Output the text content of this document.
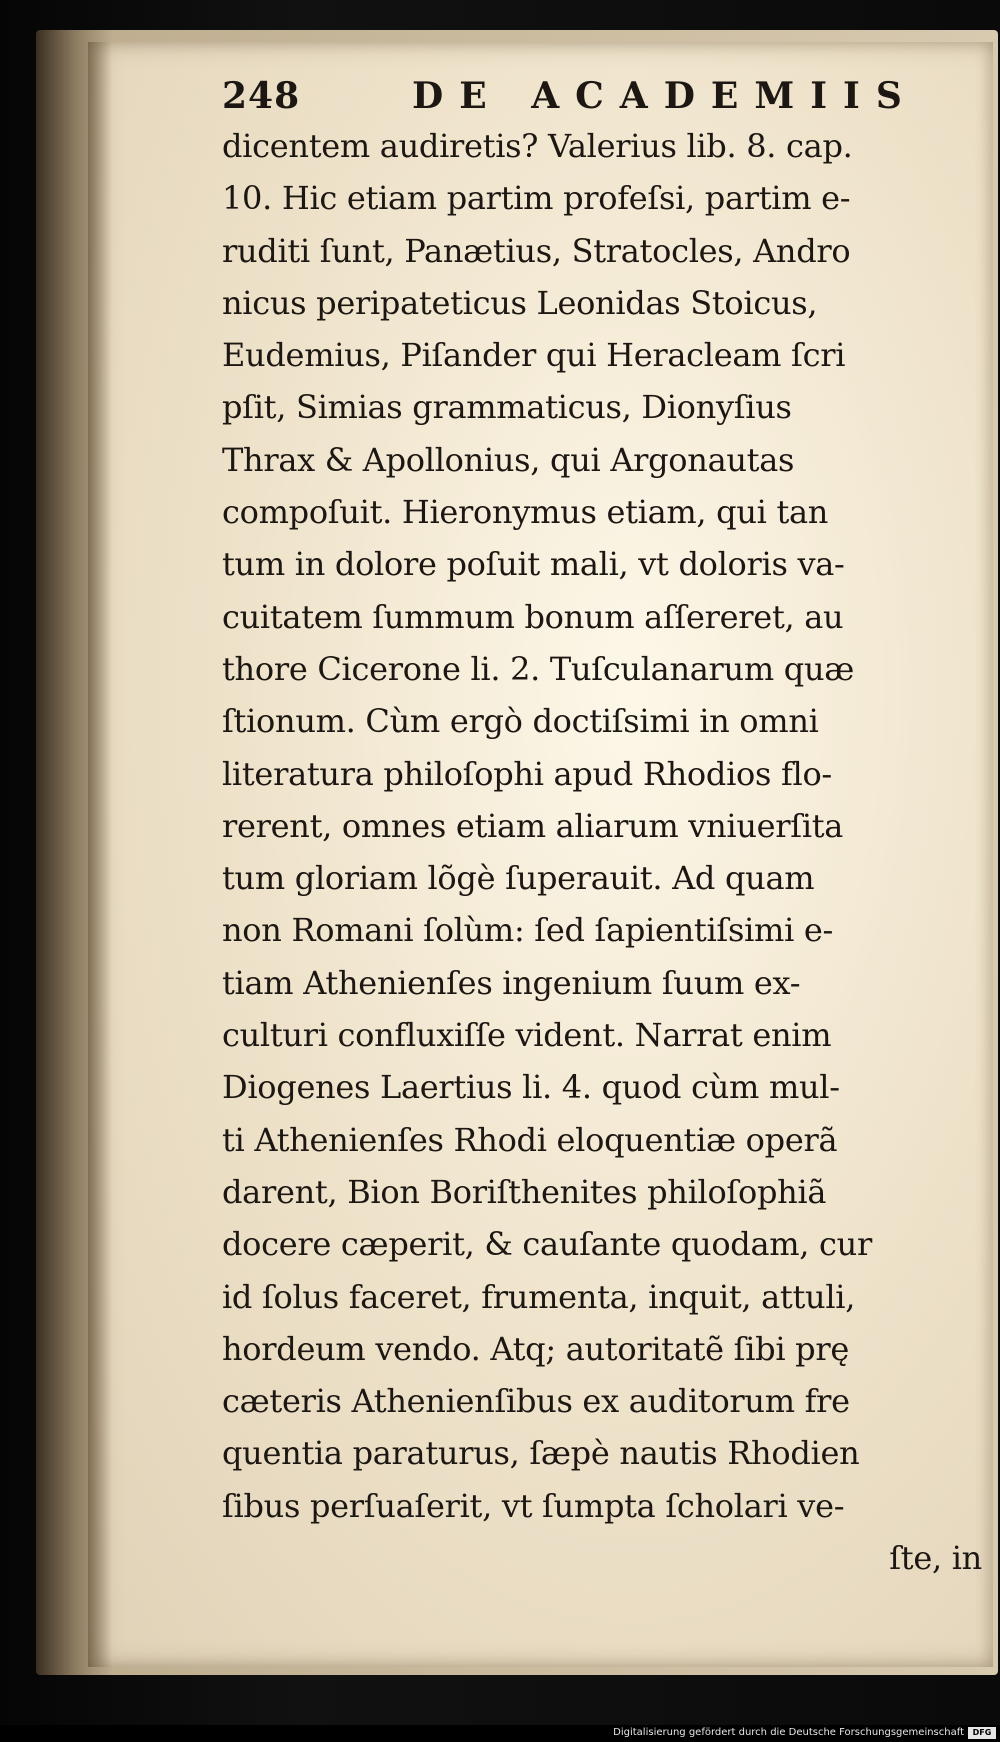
248	DE ACADEMIIS
dicentem audiretis? Valerius lib. 8. cap.
10. Hic etiam partim profeſsi, partim e-
ruditi ſunt, Panætius, Stratocles, Andro
nicus peripateticus Leonidas Stoicus,
Eudemius, Piſander qui Heracleam ſcri
pſit, Simias grammaticus, Dionyſius
Thrax & Apollonius, qui Argonautas
compoſuit. Hieronymus etiam, qui tan
tum in dolore poſuit mali, vt doloris va-
cuitatem ſummum bonum aſſereret, au
thore Cicerone li. 2. Tuſculanarum quæ
ſtionum. Cùm ergò doctiſsimi in omni
literatura philoſophi apud Rhodios flo-
rerent, omnes etiam aliarum vniuerſita
tum gloriam lõgè ſuperauit. Ad quam
non Romani ſolùm: ſed ſapientiſsimi e-
tiam Athenienſes ingenium ſuum ex-
culturi confluxiſſe vident. Narrat enim
Diogenes Laertius li. 4. quod cùm mul-
ti Athenienſes Rhodi eloquentiæ operã
darent, Bion Boriſthenites philoſophiã
docere cæperit, & cauſante quodam, cur
id ſolus faceret, frumenta, inquit, attuli,
hordeum vendo. Atq; autoritatẽ ſibi prę
cæteris Athenienſibus ex auditorum fre
quentia paraturus, ſæpè nautis Rhodien
ſibus perſuaſerit, vt ſumpta ſcholari ve-
ſte, in
Digitalisierung gefördert durch die Deutsche Forschungsgemeinschaft	DFG
